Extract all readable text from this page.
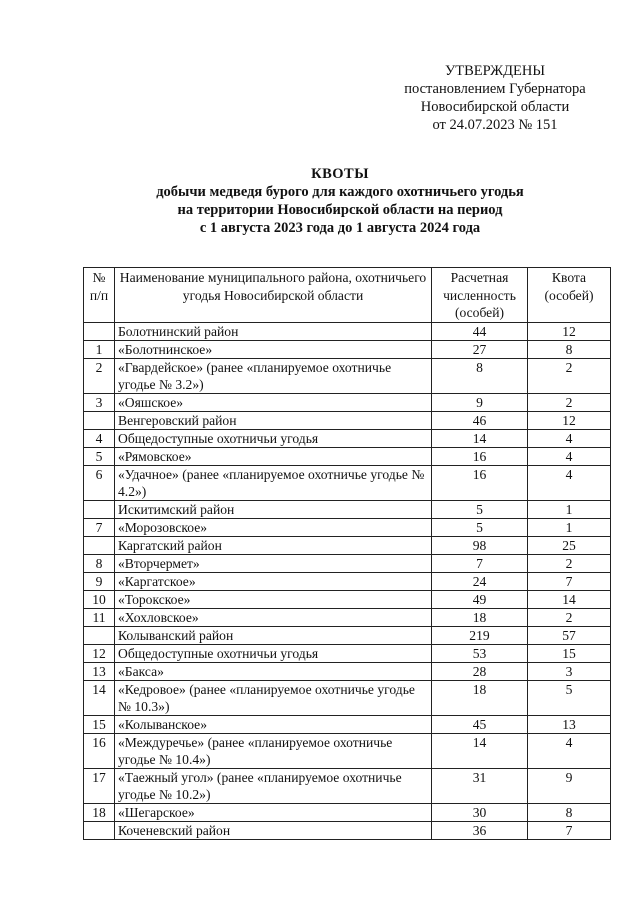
УТВЕРЖДЕНЫ
постановлением Губернатора
Новосибирской области
от 24.07.2023 № 151
КВОТЫ
добычи медведя бурого для каждого охотничьего угодья
на территории Новосибирской области на период
с 1 августа 2023 года до 1 августа 2024 года
№ п/п	Наименование муниципального района, охотничьего угодья Новосибирской области	Расчетная численность (особей)	Квота (особей)
	Болотнинский район	44	12
1	«Болотнинское»	27	8
2	«Гвардейское» (ранее «планируемое охотничье угодье № 3.2»)	8	2
3	«Ояшское»	9	2
	Венгеровский район	46	12
4	Общедоступные охотничьи угодья	14	4
5	«Рямовское»	16	4
6	«Удачное» (ранее «планируемое охотничье угодье № 4.2»)	16	4
	Искитимский район	5	1
7	«Морозовское»	5	1
	Каргатский район	98	25
8	«Вторчермет»	7	2
9	«Каргатское»	24	7
10	«Торокское»	49	14
11	«Хохловское»	18	2
	Колыванский район	219	57
12	Общедоступные охотничьи угодья	53	15
13	«Бакса»	28	3
14	«Кедровое» (ранее «планируемое охотничье угодье № 10.3»)	18	5
15	«Колыванское»	45	13
16	«Междуречье» (ранее «планируемое охотничье угодье № 10.4»)	14	4
17	«Таежный угол» (ранее «планируемое охотничье угодье № 10.2»)	31	9
18	«Шегарское»	30	8
	Коченевский район	36	7
